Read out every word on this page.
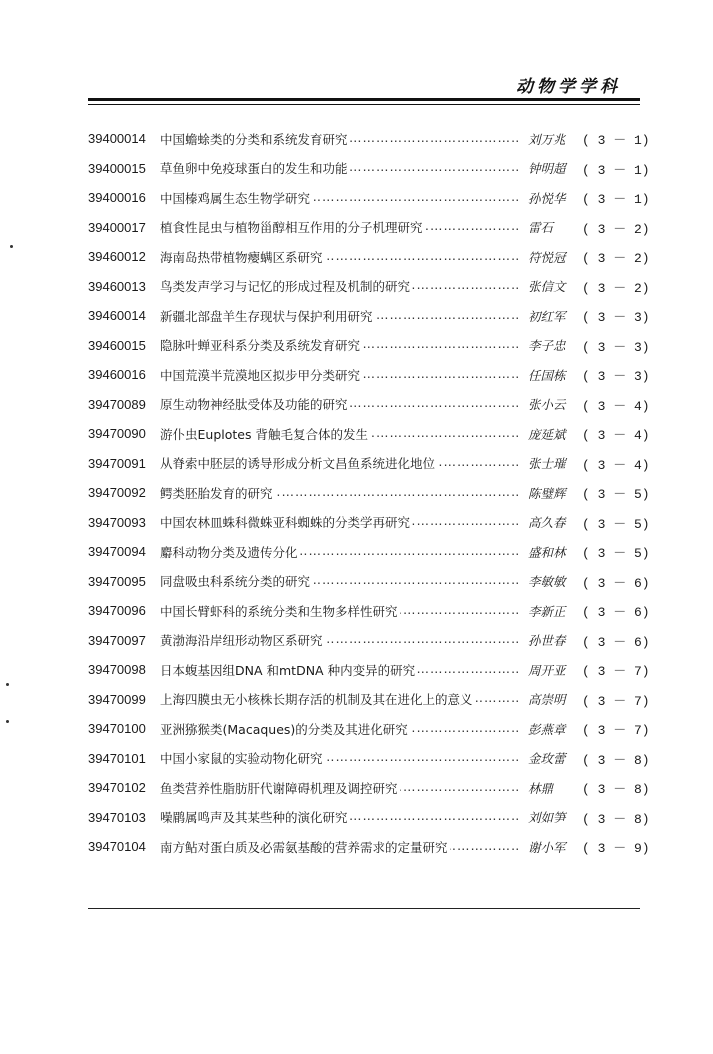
动物学学科
39400014	中国蟾蜍类的分类和系统发育研究 …………………………………………………………………………………………………………	刘万兆	( 3 － 1)
39400015	草鱼卵中免疫球蛋白的发生和功能 …………………………………………………………………………………………………………	钟明超	( 3 － 1)
39400016	中国榛鸡属生态生物学研究 …………………………………………………………………………………………………………	孙悦华	( 3 － 1)
39400017	植食性昆虫与植物甾醇相互作用的分子机理研究 …………………………………………………………………………………………………………	雷石	( 3 － 2)
39460012	海南岛热带植物瘿螨区系研究 …………………………………………………………………………………………………………	符悦冠	( 3 － 2)
39460013	鸟类发声学习与记忆的形成过程及机制的研究 …………………………………………………………………………………………………………	张信文	( 3 － 2)
39460014	新疆北部盘羊生存现状与保护利用研究 …………………………………………………………………………………………………………	初红军	( 3 － 3)
39460015	隐脉叶蝉亚科系分类及系统发育研究 …………………………………………………………………………………………………………	李子忠	( 3 － 3)
39460016	中国荒漠半荒漠地区拟步甲分类研究 …………………………………………………………………………………………………………	任国栋	( 3 － 3)
39470089	原生动物神经肽受体及功能的研究 …………………………………………………………………………………………………………	张小云	( 3 － 4)
39470090	游仆虫Euplotes 背触毛复合体的发生 …………………………………………………………………………………………………………	庞延斌	( 3 － 4)
39470091	从脊索中胚层的诱导形成分析文昌鱼系统进化地位 …………………………………………………………………………………………………………	张士璀	( 3 － 4)
39470092	鳄类胚胎发育的研究 …………………………………………………………………………………………………………	陈璧辉	( 3 － 5)
39470093	中国农林皿蛛科微蛛亚科蜘蛛的分类学再研究 …………………………………………………………………………………………………………	高久春	( 3 － 5)
39470094	麝科动物分类及遗传分化 …………………………………………………………………………………………………………	盛和林	( 3 － 5)
39470095	同盘吸虫科系统分类的研究 …………………………………………………………………………………………………………	李敏敏	( 3 － 6)
39470096	中国长臂虾科的系统分类和生物多样性研究 …………………………………………………………………………………………………………	李新正	( 3 － 6)
39470097	黄渤海沿岸纽形动物区系研究 …………………………………………………………………………………………………………	孙世春	( 3 － 6)
39470098	日本蝮基因组DNA 和mtDNA 种内变异的研究 …………………………………………………………………………………………………………	周开亚	( 3 － 7)
39470099	上海四膜虫无小核株长期存活的机制及其在进化上的意义 …………………………………………………………………………………………………………	高崇明	( 3 － 7)
39470100	亚洲猕猴类(Macaques)的分类及其进化研究 …………………………………………………………………………………………………………	彭燕章	( 3 － 7)
39470101	中国小家鼠的实验动物化研究 …………………………………………………………………………………………………………	金玫蕾	( 3 － 8)
39470102	鱼类营养性脂肪肝代谢障碍机理及调控研究 …………………………………………………………………………………………………………	林鼎	( 3 － 8)
39470103	噪鹛属鸣声及其某些种的演化研究 …………………………………………………………………………………………………………	刘如笋	( 3 － 8)
39470104	南方鲇对蛋白质及必需氨基酸的营养需求的定量研究 …………………………………………………………………………………………………………	谢小军	( 3 － 9)
